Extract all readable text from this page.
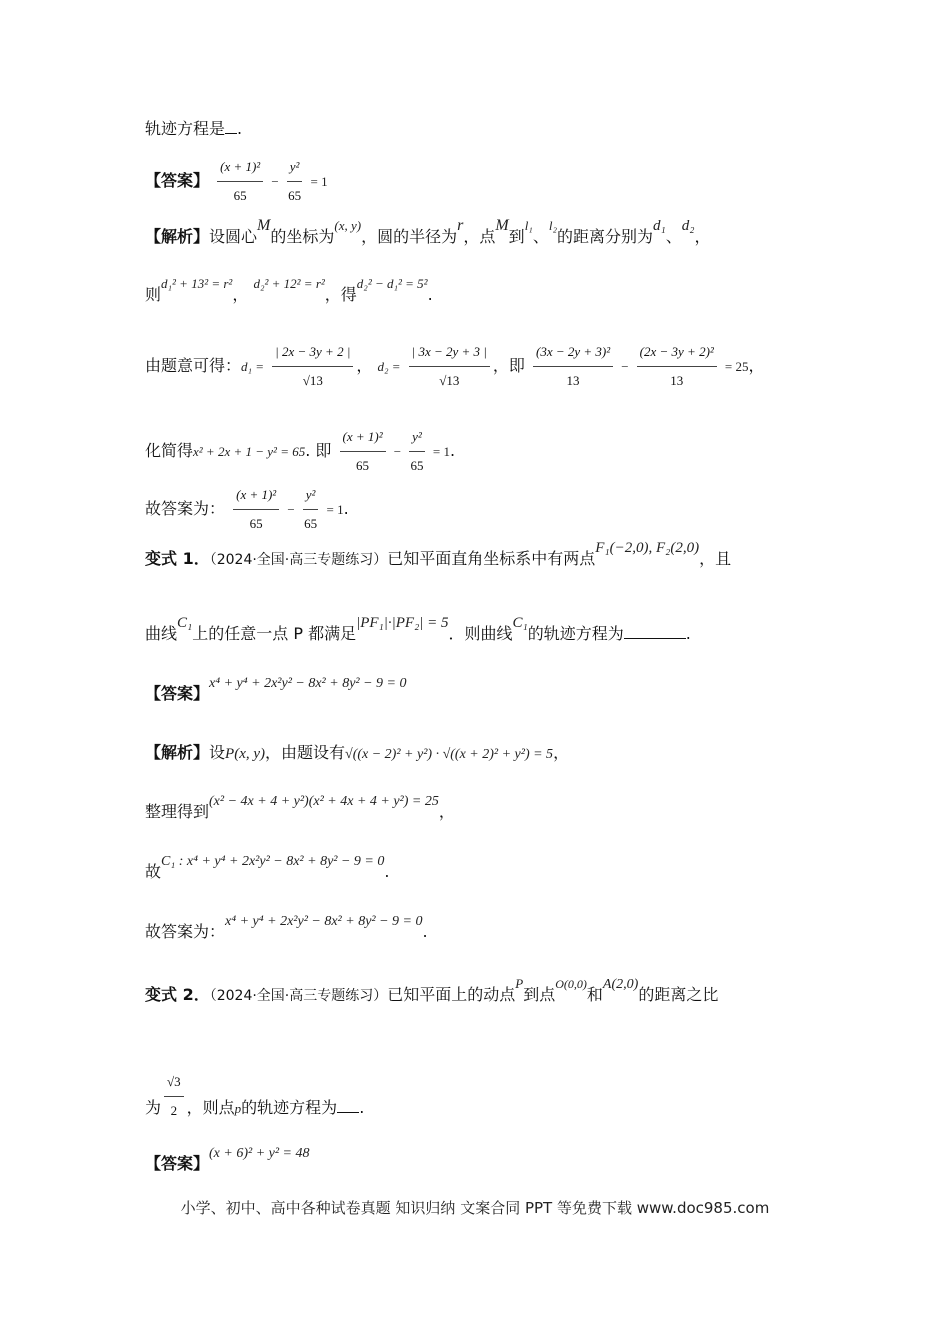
轨迹方程是 .
【答案】 $\frac{\text{(x + 1)²}}{65} - \frac{\text{y²}}{65} = 1$
【解析】设圆心M的坐标为$^{(x, y)}$，圆的半径为r，点M到$^{l_1}$、$^{l_2}$的距离分别为d₁、d₂，
则$^{d_1^2 + 13^2 = r^2}$， $^{d_2^2 + 12^2 = r^2}$，得$^{d_2^2 - d_1^2 = 5^2}$.
由题意可得：$d_1 = \frac{| 2x - 3y + 2 |}{√13}$ ， $d_2 = \frac{| 3x - 2y + 3 |}{√13}$ ，即 $\frac{\text{(3x − 2y + 3)²}}{13} - \frac{\text{(2x − 3y + 2)²}}{13} = 25$，
化简得x² + 2x + 1 − y² = 65. 即 $\frac{\text{(x + 1)²}}{65} - \frac{\text{y²}}{65} = 1$.
故答案为： $\frac{\text{(x + 1)²}}{65} - \frac{\text{y²}}{65} = 1$.
变式 1．（2024·全国·高三专题练习）已知平面直角坐标系中有两点F₁(−2,0), F₂(2,0)，且
曲线C₁上的任意一点 P 都满足|PF₁|·|PF₂| = 5．则曲线C₁的轨迹方程为	.
【答案】x⁴ + y⁴ + 2x²y² − 8x² + 8y² − 9 = 0
【解析】设P(x, y)，由题设有√((x − 2)² + y²) · √((x + 2)² + y²) = 5，
整理得到(x² − 4x + 4 + y²)(x² + 4x + 4 + y²) = 25，
故C₁ : x⁴ + y⁴ + 2x²y² − 8x² + 8y² − 9 = 0.
故答案为：x⁴ + y⁴ + 2x²y² − 8x² + 8y² − 9 = 0.
变式 2．（2024·全国·高三专题练习）已知平面上的动点$^P$到点$^{O(0,0)}$和A(2,0)的距离之比
为 $\frac{√3}{2}$ ，则点p的轨迹方程为 .
【答案】(x + 6)² + y² = 48
小学、初中、高中各种试卷真题 知识归纳 文案合同 PPT 等免费下载 www.doc985.com
